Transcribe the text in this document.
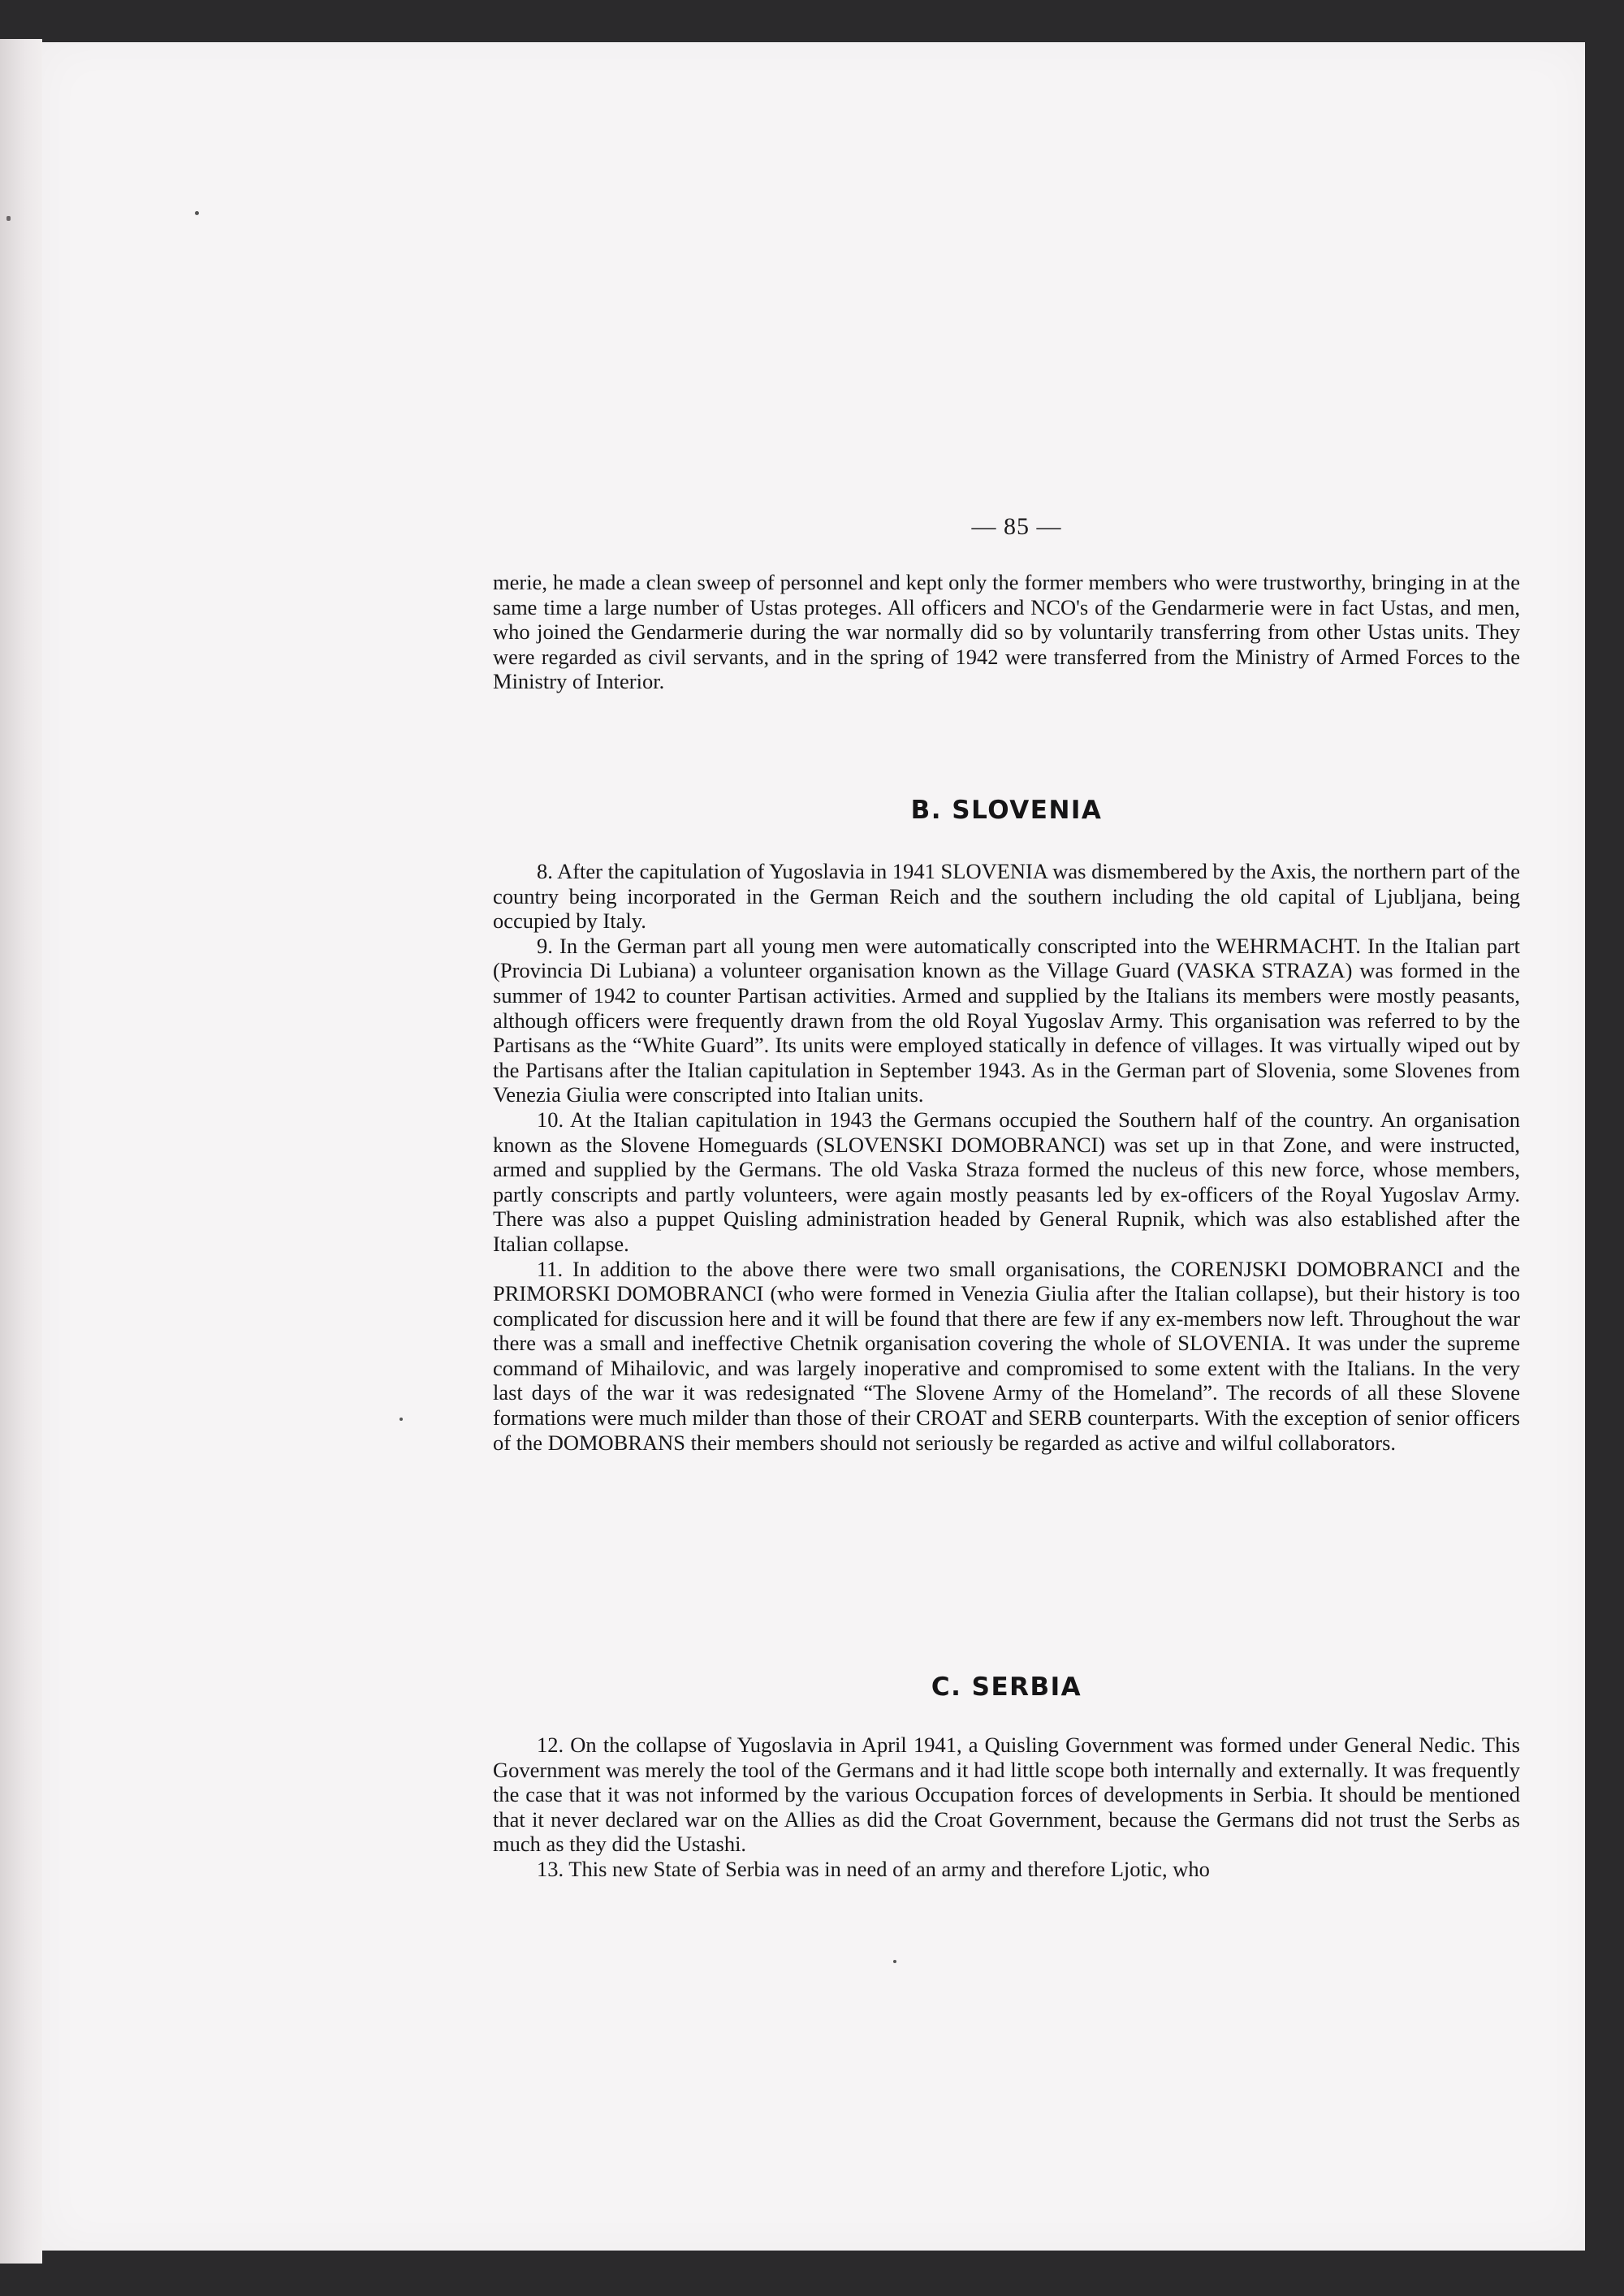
— 85 —

merie, he made a clean sweep of personnel and kept only the former members who were trustworthy, bringing in at the same time a large number of Ustas proteges. All officers and NCO's of the Gendarmerie were in fact Ustas, and men, who joined the Gendarmerie during the war normally did so by voluntarily transferring from other Ustas units. They were regarded as civil servants, and in the spring of 1942 were transferred from the Ministry of Armed Forces to the Ministry of Interior.

B. SLOVENIA

8. After the capitulation of Yugoslavia in 1941 SLOVENIA was dismembered by the Axis, the northern part of the country being incorporated in the German Reich and the southern including the old capital of Ljubljana, being occupied by Italy.

9. In the German part all young men were automatically conscripted into the WEHRMACHT. In the Italian part (Provincia Di Lubiana) a volunteer organisation known as the Village Guard (VASKA STRAZA) was formed in the summer of 1942 to counter Partisan activities. Armed and supplied by the Italians its members were mostly peasants, although officers were frequently drawn from the old Royal Yugoslav Army. This organisation was referred to by the Partisans as the “White Guard”. Its units were employed statically in defence of villages. It was virtually wiped out by the Partisans after the Italian capitulation in September 1943. As in the German part of Slovenia, some Slovenes from Venezia Giulia were conscripted into Italian units.

10. At the Italian capitulation in 1943 the Germans occupied the Southern half of the country. An organisation known as the Slovene Homeguards (SLOVENSKI DOMOBRANCI) was set up in that Zone, and were instructed, armed and supplied by the Germans. The old Vaska Straza formed the nucleus of this new force, whose members, partly conscripts and partly volunteers, were again mostly peasants led by ex-officers of the Royal Yugoslav Army. There was also a puppet Quisling administration headed by General Rupnik, which was also established after the Italian collapse.

11. In addition to the above there were two small organisations, the CORENJSKI DOMOBRANCI and the PRIMORSKI DOMOBRANCI (who were formed in Venezia Giulia after the Italian collapse), but their history is too complicated for discussion here and it will be found that there are few if any ex-members now left. Throughout the war there was a small and ineffective Chetnik organisation covering the whole of SLOVENIA. It was under the supreme command of Mihailovic, and was largely inoperative and compromised to some extent with the Italians. In the very last days of the war it was redesignated “The Slovene Army of the Homeland”. The records of all these Slovene formations were much milder than those of their CROAT and SERB counterparts. With the exception of senior officers of the DOMOBRANS their members should not seriously be regarded as active and wilful collaborators.

C. SERBIA

12. On the collapse of Yugoslavia in April 1941, a Quisling Government was formed under General Nedic. This Government was merely the tool of the Germans and it had little scope both internally and externally. It was frequently the case that it was not informed by the various Occupation forces of developments in Serbia. It should be mentioned that it never declared war on the Allies as did the Croat Government, because the Germans did not trust the Serbs as much as they did the Ustashi.

13. This new State of Serbia was in need of an army and therefore Ljotic, who
